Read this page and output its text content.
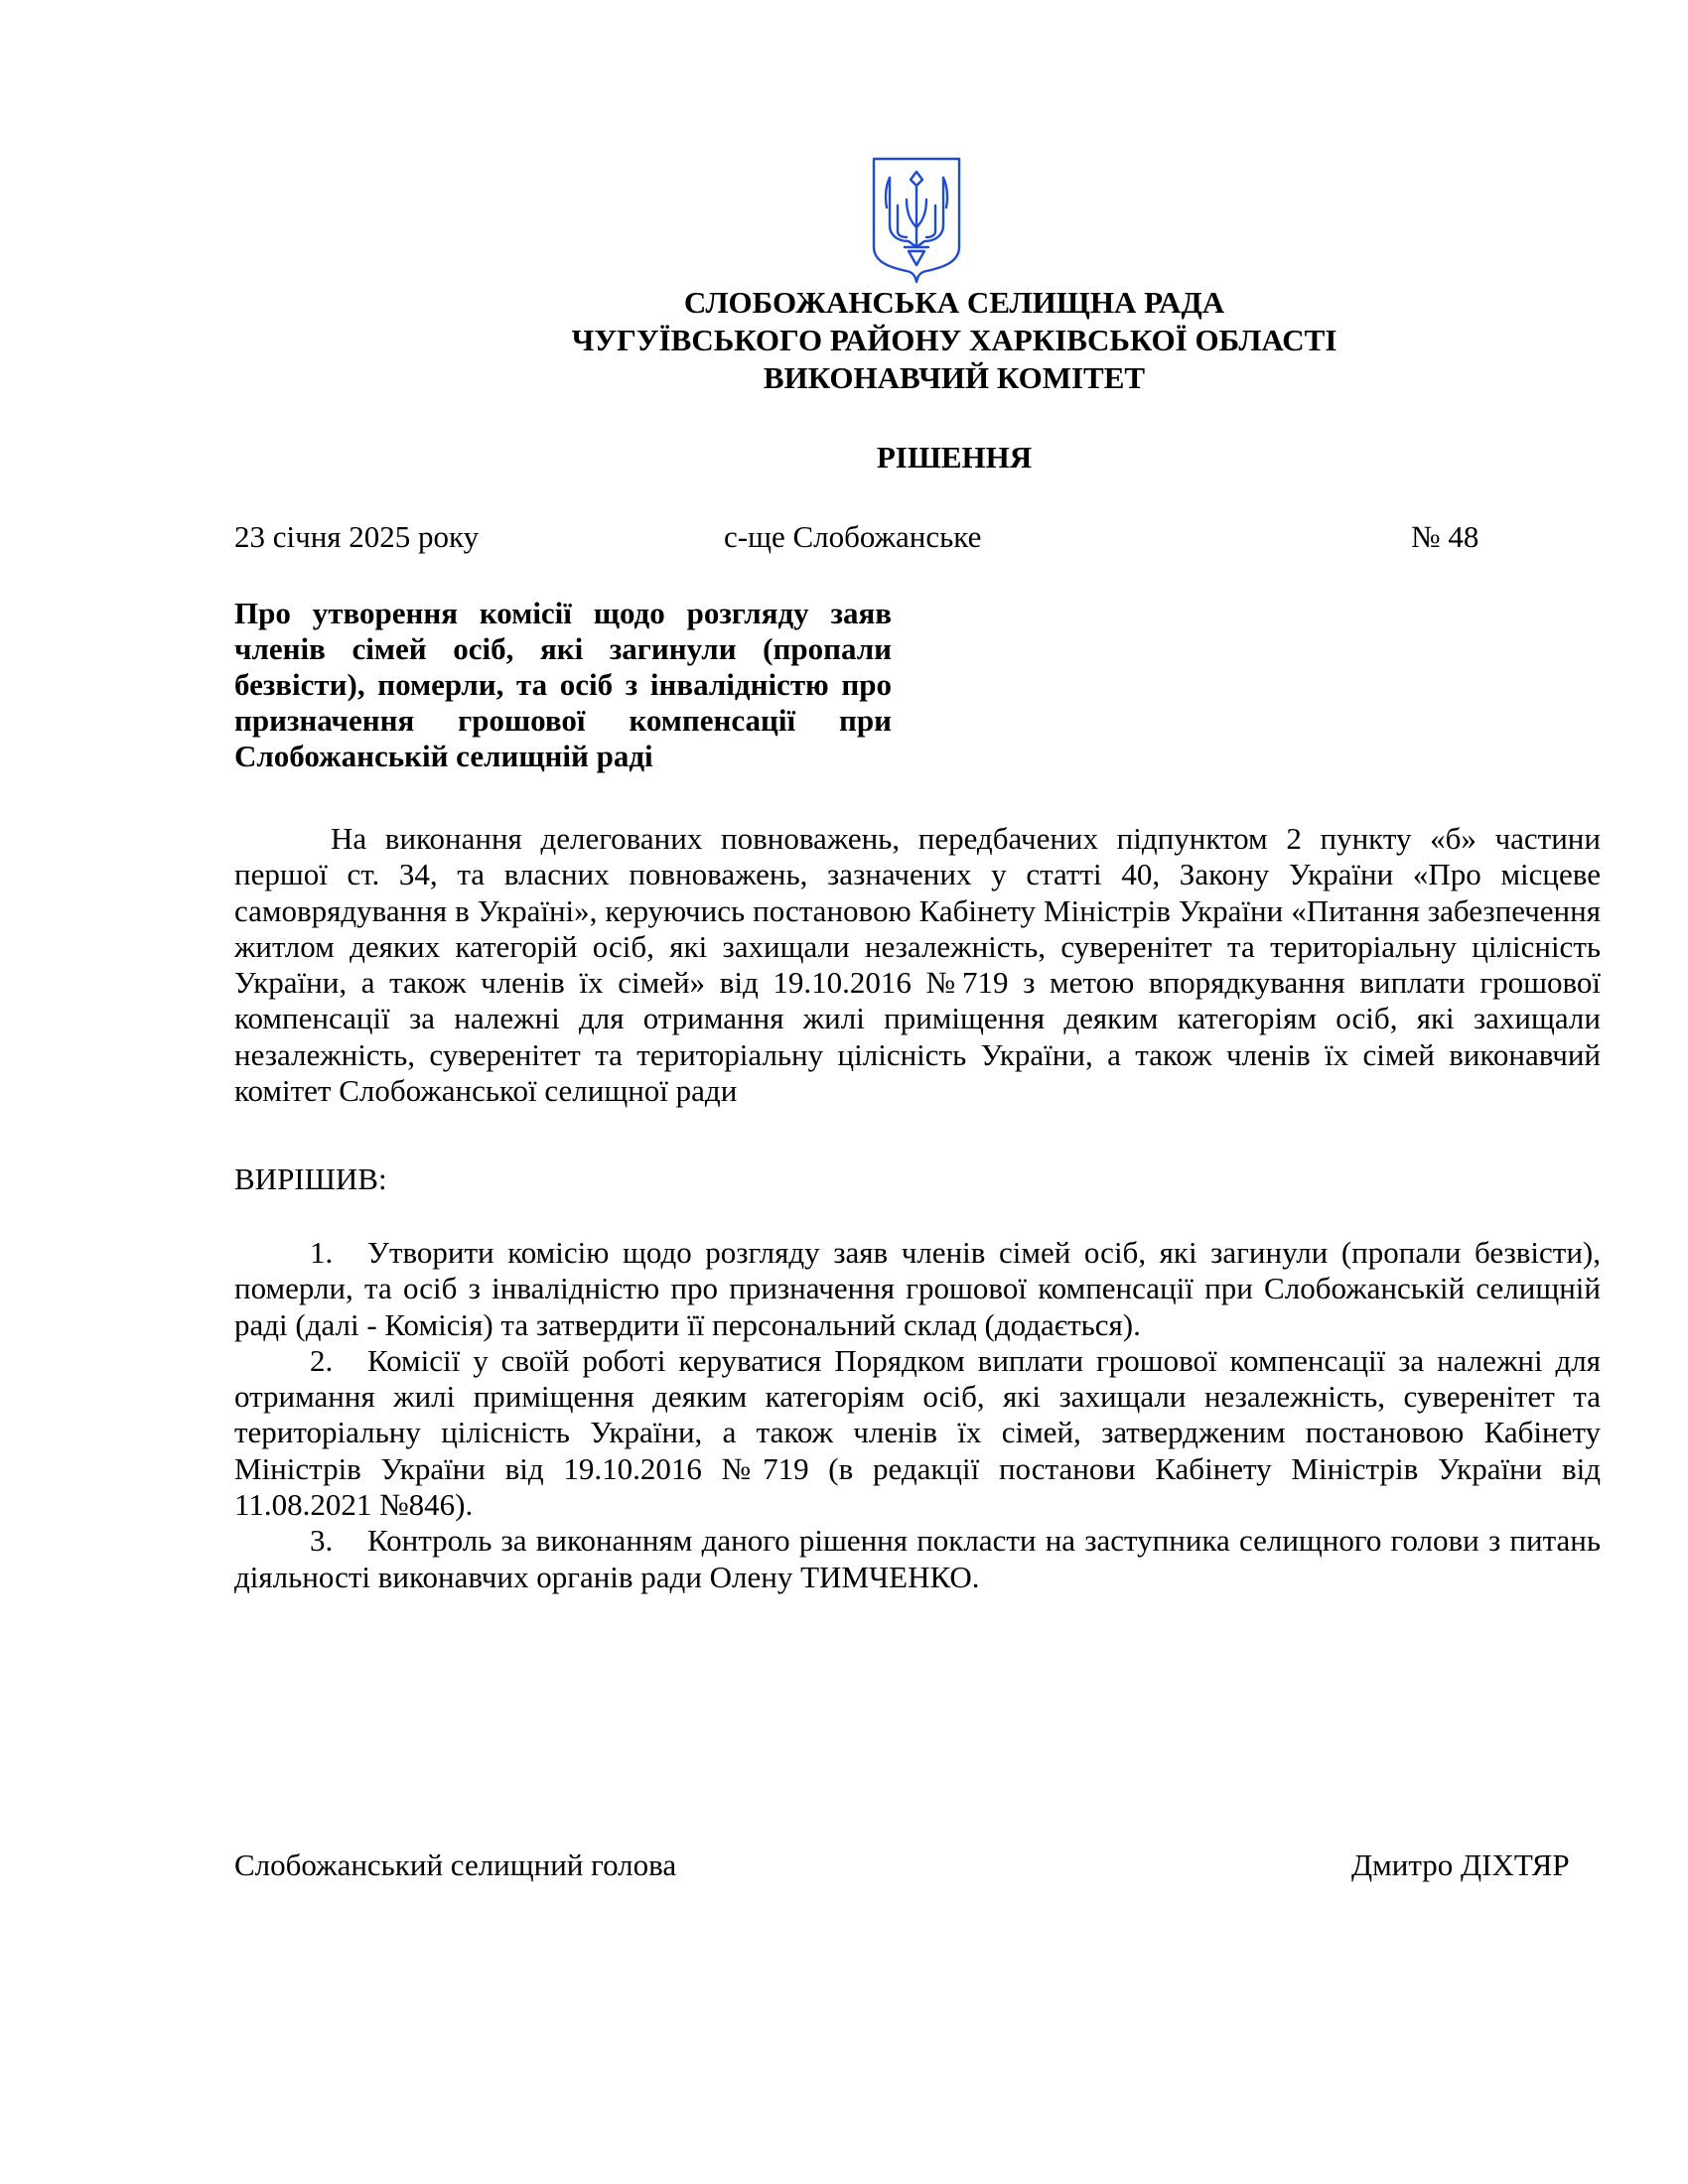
СЛОБОЖАНСЬКА СЕЛИЩНА РАДА
ЧУГУЇВСЬКОГО РАЙОНУ ХАРКІВСЬКОЇ ОБЛАСТІ
ВИКОНАВЧИЙ КОМІТЕТ
РІШЕННЯ
23 січня 2025 року	с-ще Слобожанське	№ 48
Про утворення комісії щодо розгляду заяв членів сімей осіб, які загинули (пропали безвісти), померли, та осіб з інвалідністю про призначення грошової компенсації при Слобожанській селищній раді
На виконання делегованих повноважень, передбачених підпунктом 2 пункту «б» частини першої ст. 34, та власних повноважень, зазначених у статті 40, Закону України «Про місцеве самоврядування в Україні», керуючись постановою Кабінету Міністрів України «Питання забезпечення житлом деяких категорій осіб, які захищали незалежність, суверенітет та територіальну цілісність України, а також членів їх сімей» від 19.10.2016 №719 з метою впорядкування виплати грошової компенсації за належні для отримання жилі приміщення деяким категоріям осіб, які захищали незалежність, суверенітет та територіальну цілісність України, а також членів їх сімей виконавчий комітет Слобожанської селищної ради
ВИРІШИВ:

1. Утворити комісію щодо розгляду заяв членів сімей осіб, які загинули (пропали безвісти), померли, та осіб з інвалідністю про призначення грошової компенсації при Слобожанській селищній раді (далі - Комісія) та затвердити її персональний склад (додається).

2. Комісії у своїй роботі керуватися Порядком виплати грошової компенсації за належні для отримання жилі приміщення деяким категоріям осіб, які захищали незалежність, суверенітет та територіальну цілісність України, а також членів їх сімей, затвердженим постановою Кабінету Міністрів України від 19.10.2016 №719 (в редакції постанови Кабінету Міністрів України від 11.08.2021 №846).

3. Контроль за виконанням даного рішення покласти на заступника селищного голови з питань діяльності виконавчих органів ради Олену ТИМЧЕНКО.

Слобожанський селищний голова	Дмитро ДІХТЯР
